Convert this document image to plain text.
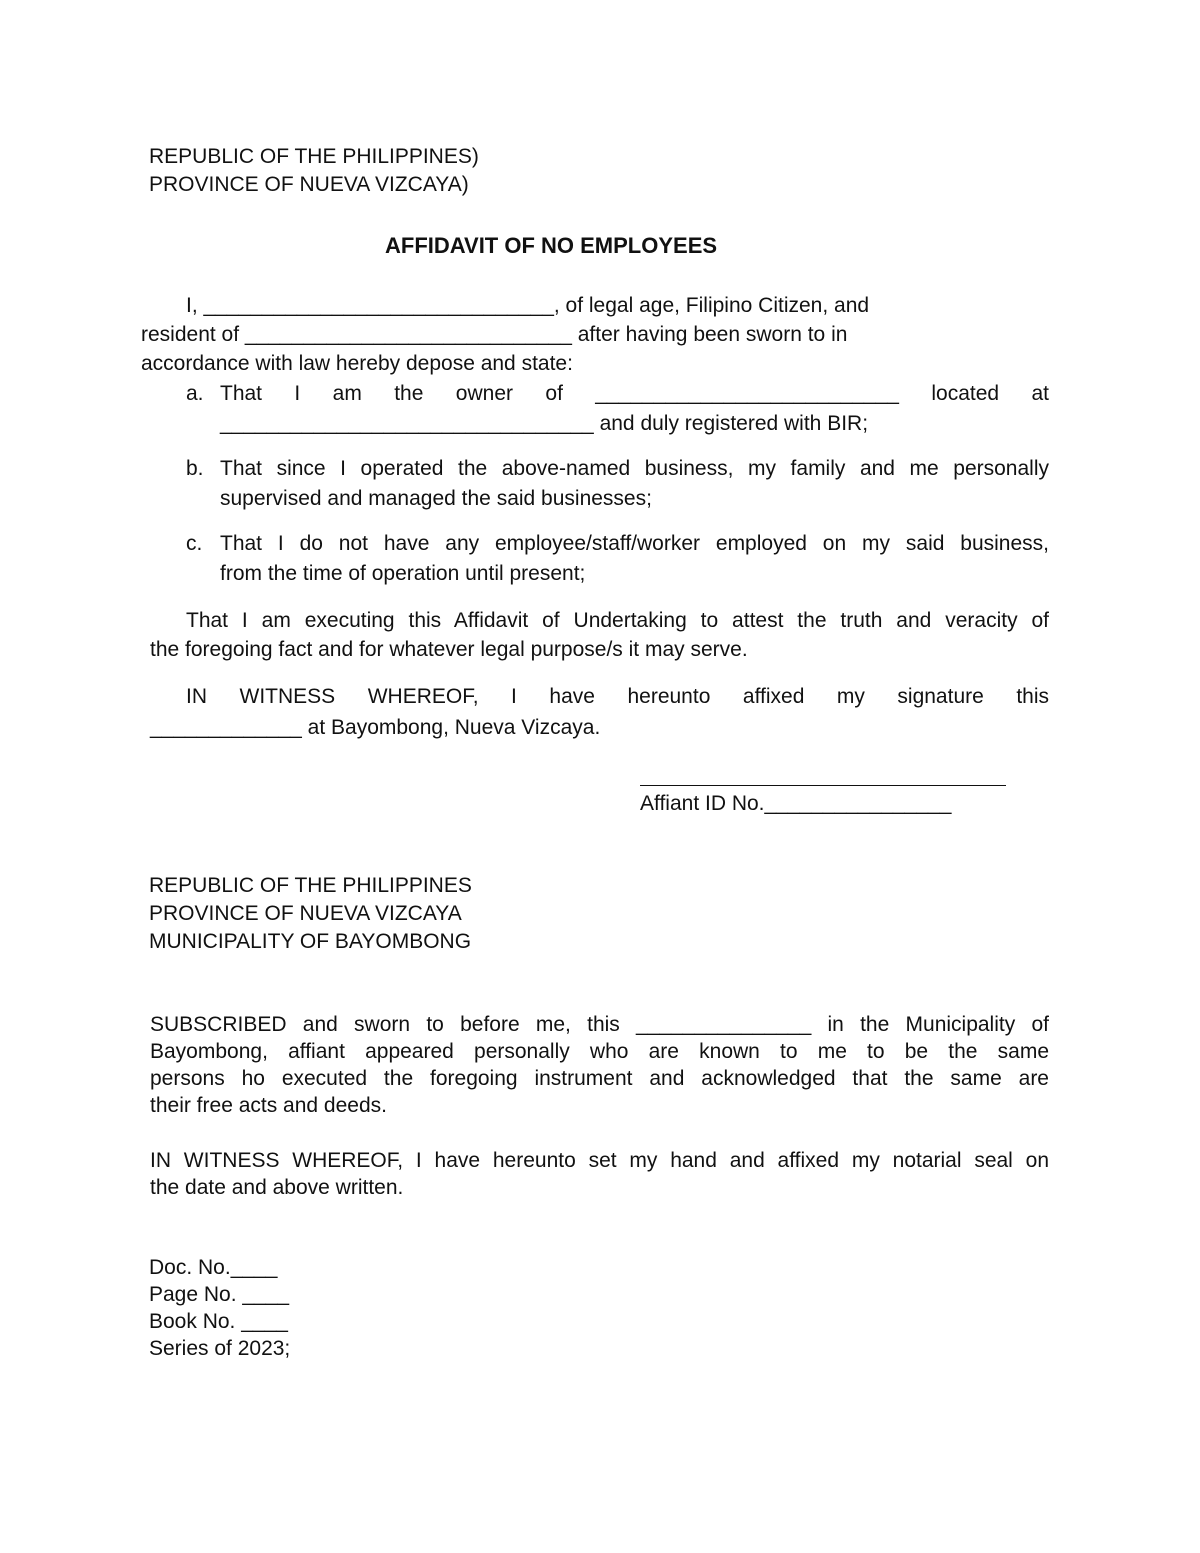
REPUBLIC OF THE PHILIPPINES)
PROVINCE OF NUEVA VIZCAYA)
AFFIDAVIT OF NO EMPLOYEES
I, ______________________________, of legal age, Filipino Citizen, and
resident of ____________________________ after having been sworn to in
accordance with law hereby depose and state:
a. That I am the owner of __________________________ located at
________________________________ and duly registered with BIR;
b. That since I operated the above-named business, my family and me personally
supervised and managed the said businesses;
c. That I do not have any employee/staff/worker employed on my said business,
from the time of operation until present;
That I am executing this Affidavit of Undertaking to attest the truth and veracity of
the foregoing fact and for whatever legal purpose/s it may serve.
IN WITNESS WHEREOF, I have hereunto affixed my signature this
_____________ at Bayombong, Nueva Vizcaya.
Affiant ID No.________________
REPUBLIC OF THE PHILIPPINES
PROVINCE OF NUEVA VIZCAYA
MUNICIPALITY OF BAYOMBONG
SUBSCRIBED and sworn to before me, this _______________ in the Municipality of
Bayombong, affiant appeared personally who are known to me to be the same
persons ho executed the foregoing instrument and acknowledged that the same are
their free acts and deeds.
IN WITNESS WHEREOF, I have hereunto set my hand and affixed my notarial seal on
the date and above written.
Doc. No.____
Page No. ____
Book No. ____
Series of 2023;
